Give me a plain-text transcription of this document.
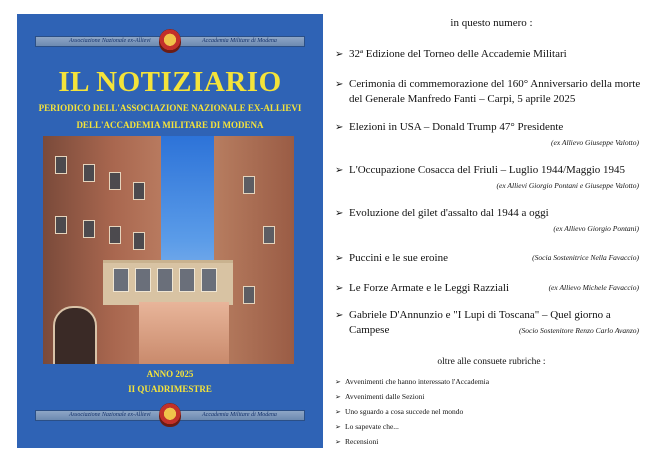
Associazione Nazionale ex-Allievi	Accademia Militare di Modena
IL NOTIZIARIO
PERIODICO DELL'ASSOCIAZIONE NAZIONALE EX-ALLIEVI
DELL'ACCADEMIA MILITARE DI MODENA
ANNO 2025
II QUADRIMESTRE
Associazione Nazionale ex-Allievi	Accademia Militare di Modena
in questo numero :
➢ 32ª Edizione del Torneo delle Accademie Militari
➢ Cerimonia di commemorazione del 160° Anniversario della morte del Generale Manfredo Fanti – Carpi, 5 aprile 2025
➢ Elezioni in USA – Donald Trump 47° Presidente
(ex Allievo Giuseppe Valotto)
➢ L'Occupazione Cosacca del Friuli – Luglio 1944/Maggio 1945
(ex Allievi Giorgio Pontani e Giuseppe Valotto)
➢ Evoluzione del gilet d'assalto dal 1944 a oggi
(ex Allievo Giorgio Pontani)
➢ Puccini e le sue eroine	(Socia Sostenitrice Nella Favaccio)
➢ Le Forze Armate e le Leggi Razziali	(ex Allievo Michele Favaccio)
➢ Gabriele D'Annunzio e "I Lupi di Toscana" – Quel giorno a Campese	(Socio Sostenitore Renzo Carlo Avanzo)
oltre alle consuete rubriche :
➢ Avvenimenti che hanno interessato l'Accademia
➢ Avvenimenti dalle Sezioni
➢ Uno sguardo a cosa succede nel mondo
➢ Lo sapevate che...
➢ Recensioni
